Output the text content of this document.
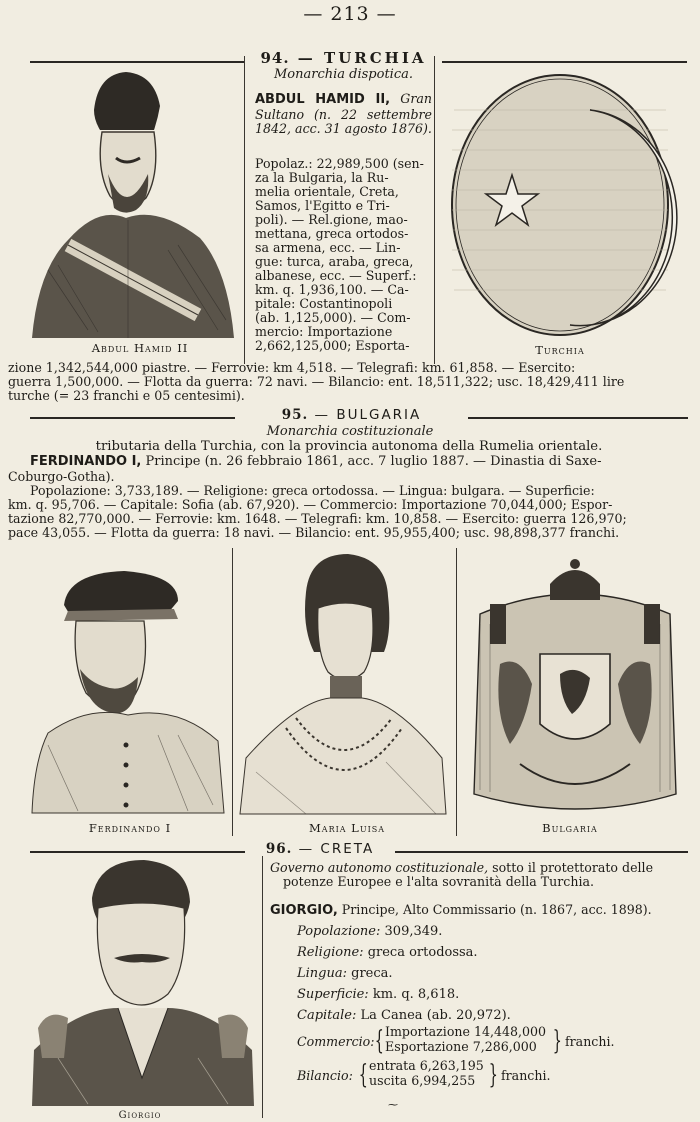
— 213 —
94. — TURCHIA
Monarchia dispotica.
Abdul Hamid II
ABDUL HAMID II, Gran Sultano (n. 22 settembre 1842, acc. 31 agosto 1876).
Popolaz.: 22,989,500 (sen-
za la Bulgaria, la Ru-
melia orientale, Creta,
Samos, l'Egitto e Tri-
poli). — Rel.gione, mao-
mettana, greca ortodos-
sa armena, ecc. — Lin-
gue: turca, araba, greca,
albanese, ecc. — Superf.:
km. q. 1,936,100. — Ca-
pitale: Costantinopoli
(ab. 1,125,000). — Com-
mercio: Importazione
2,662,125,000; Esporta-	Turchia
zione 1,342,544,000 piastre. — Ferrovie: km 4,518. — Telegrafi: km. 61,858. — Esercito:
guerra 1,500,000. — Flotta da guerra: 72 navi. — Bilancio: ent. 18,511,322; usc. 18,429,411 lire
turche (= 23 franchi e 05 centesimi).
95. — BULGARIA
Monarchia costituzionale
tributaria della Turchia, con la provincia autonoma della Rumelia orientale.
FERDINANDO I, Principe (n. 26 febbraio 1861, acc. 7 luglio 1887. — Dinastia di Saxe-
Coburgo-Gotha).
Popolazione: 3,733,189. — Religione: greca ortodossa. — Lingua: bulgara. — Superficie:
km. q. 95,706. — Capitale: Sofia (ab. 67,920). — Commercio: Importazione 70,044,000; Espor-
tazione 82,770,000. — Ferrovie: km. 1648. — Telegrafi: km. 10,858. — Esercito: guerra 126,970;
pace 43,055. — Flotta da guerra: 18 navi. — Bilancio: ent. 95,955,400; usc. 98,898,377 franchi.
Ferdinando I	Maria Luisa	Bulgaria
96. — CRETA
Giorgio
Governo autonomo costituzionale, sotto il protettorato delle
potenze Europee e l'alta sovranità della Turchia.
GIORGIO, Principe, Alto Commissario (n. 1867, acc. 1898).
Popolazione: 309,349.
Religione: greca ortodossa.
Lingua: greca.
Superficie: km. q. 8,618.
Capitale: La Canea (ab. 20,972).
Commercio: { Importazione 14,448,000
Esportazione 7,286,000 } franchi.
Bilancio: { entrata 6,263,195
uscita 6,994,255 } franchi.
⁓
